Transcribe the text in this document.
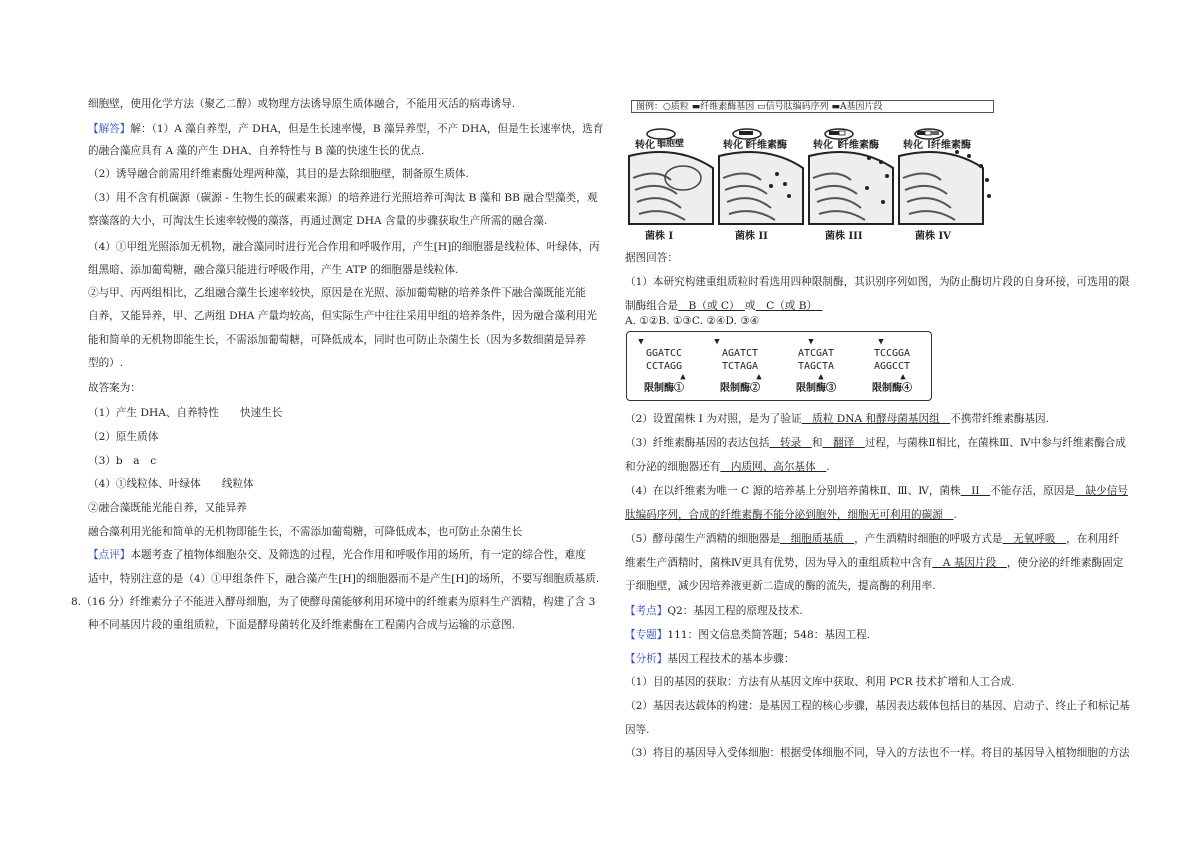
细胞壁，使用化学方法（聚乙二醇）或物理方法诱导原生质体融合，不能用灭活的病毒诱导.
【解答】解：（1）A 藻自养型，产 DHA，但是生长速率慢，B 藻异养型，不产 DHA，但是生长速率快，选育
的融合藻应具有 A 藻的产生 DHA、自养特性与 B 藻的快速生长的优点.
（2）诱导融合前需用纤维素酶处理两种藻，其目的是去除细胞壁，制备原生质体.
（3）用不含有机碳源（碳源 - 生物生长的碳素来源）的培养进行光照培养可淘汰 B 藻和 BB 融合型藻类，观
察藻落的大小，可淘汰生长速率较慢的藻落，再通过测定 DHA 含量的步骤获取生产所需的融合藻.
（4）①甲组光照添加无机物，融合藻同时进行光合作用和呼吸作用，产生[H]的细胞器是线粒体、叶绿体，丙
组黑暗、添加葡萄糖，融合藻只能进行呼吸作用，产生 ATP 的细胞器是线粒体.
②与甲、丙两组相比，乙组融合藻生长速率较快，原因是在光照、添加葡萄糖的培养条件下融合藻既能光能
自养，又能异养，甲、乙两组 DHA 产量均较高，但实际生产中往往采用甲组的培养条件，因为融合藻利用光
能和简单的无机物即能生长，不需添加葡萄糖，可降低成本，同时也可防止杂菌生长（因为多数细菌是异养
型的）.
故答案为：
（1）产生 DHA、自养特性　　快速生长
（2）原生质体
（3）b　a　c
（4）①线粒体、叶绿体　　线粒体
②融合藻既能光能自养，又能异养
融合藻利用光能和简单的无机物即能生长，不需添加葡萄糖，可降低成本，也可防止杂菌生长
【点评】本题考查了植物体细胞杂交、及筛选的过程，光合作用和呼吸作用的场所，有一定的综合性，难度
适中，特别注意的是（4）①甲组条件下，融合藻产生[H]的细胞器而不是产生[H]的场所，不要写细胞质基质.
8.（16 分）纤维素分子不能进入酵母细胞，为了使酵母菌能够利用环境中的纤维素为原料生产酒精，构建了含 3
种不同基因片段的重组质粒，下面是酵母菌转化及纤维素酶在工程菌内合成与运输的示意图.
图例：○质粒 ▬纤维素酶基因 ▭信号肽编码序列 ▬A基因片段
转化 细胞壁
菌株 I
转化 纤维素酶
菌株 II
转化 纤维素酶
菌株 III
转化 纤维素酶
菌株 IV
据图回答：
（1）本研究构建重组质粒时看选用四种限制酶，其识别序列如图，为防止酶切片段的自身环接，可选用的限
制酶组合是　B（或 C）　或　C（或 B）　
A. ①②B. ①③C. ②④D. ③④
▼
GGATCC
CCTAGG
▲
限制酶①
▼
AGATCT
TCTAGA
▲
限制酶②
▼
ATCGAT
TAGCTA
▲
限制酶③
▼
TCCGGA
AGGCCT
▲
限制酶④
（2）设置菌株 I 为对照，是为了验证　质粒 DNA 和酵母菌基因组　不携带纤维素酶基因.
（3）纤维素酶基因的表达包括　转录　和　翻译　过程，与菌株Ⅱ相比，在菌株Ⅲ、Ⅳ中参与纤维素酶合成
和分泌的细胞器还有　内质网、高尔基体　.
（4）在以纤维素为唯一 C 源的培养基上分别培养菌株Ⅱ、Ⅲ、Ⅳ，菌株　II　不能存活，原因是　缺少信号
肽编码序列，合成的纤维素酶不能分泌到胞外，细胞无可利用的碳源　.
（5）酵母菌生产酒精的细胞器是　细胞质基质　，产生酒精时细胞的呼吸方式是　无氧呼吸　，在利用纤
维素生产酒精时，菌株Ⅳ更具有优势，因为导入的重组质粒中含有　A 基因片段　，使分泌的纤维素酶固定
于细胞壁，减少因培养液更新二造成的酶的流失，提高酶的利用率.
【考点】Q2：基因工程的原理及技术.
【专题】111：图文信息类简答题；548：基因工程.
【分析】基因工程技术的基本步骤：
（1）目的基因的获取：方法有从基因文库中获取、利用 PCR 技术扩增和人工合成.
（2）基因表达载体的构建：是基因工程的核心步骤，基因表达载体包括目的基因、启动子、终止子和标记基
因等.
（3）将目的基因导入受体细胞：根据受体细胞不同，导入的方法也不一样。将目的基因导入植物细胞的方法
